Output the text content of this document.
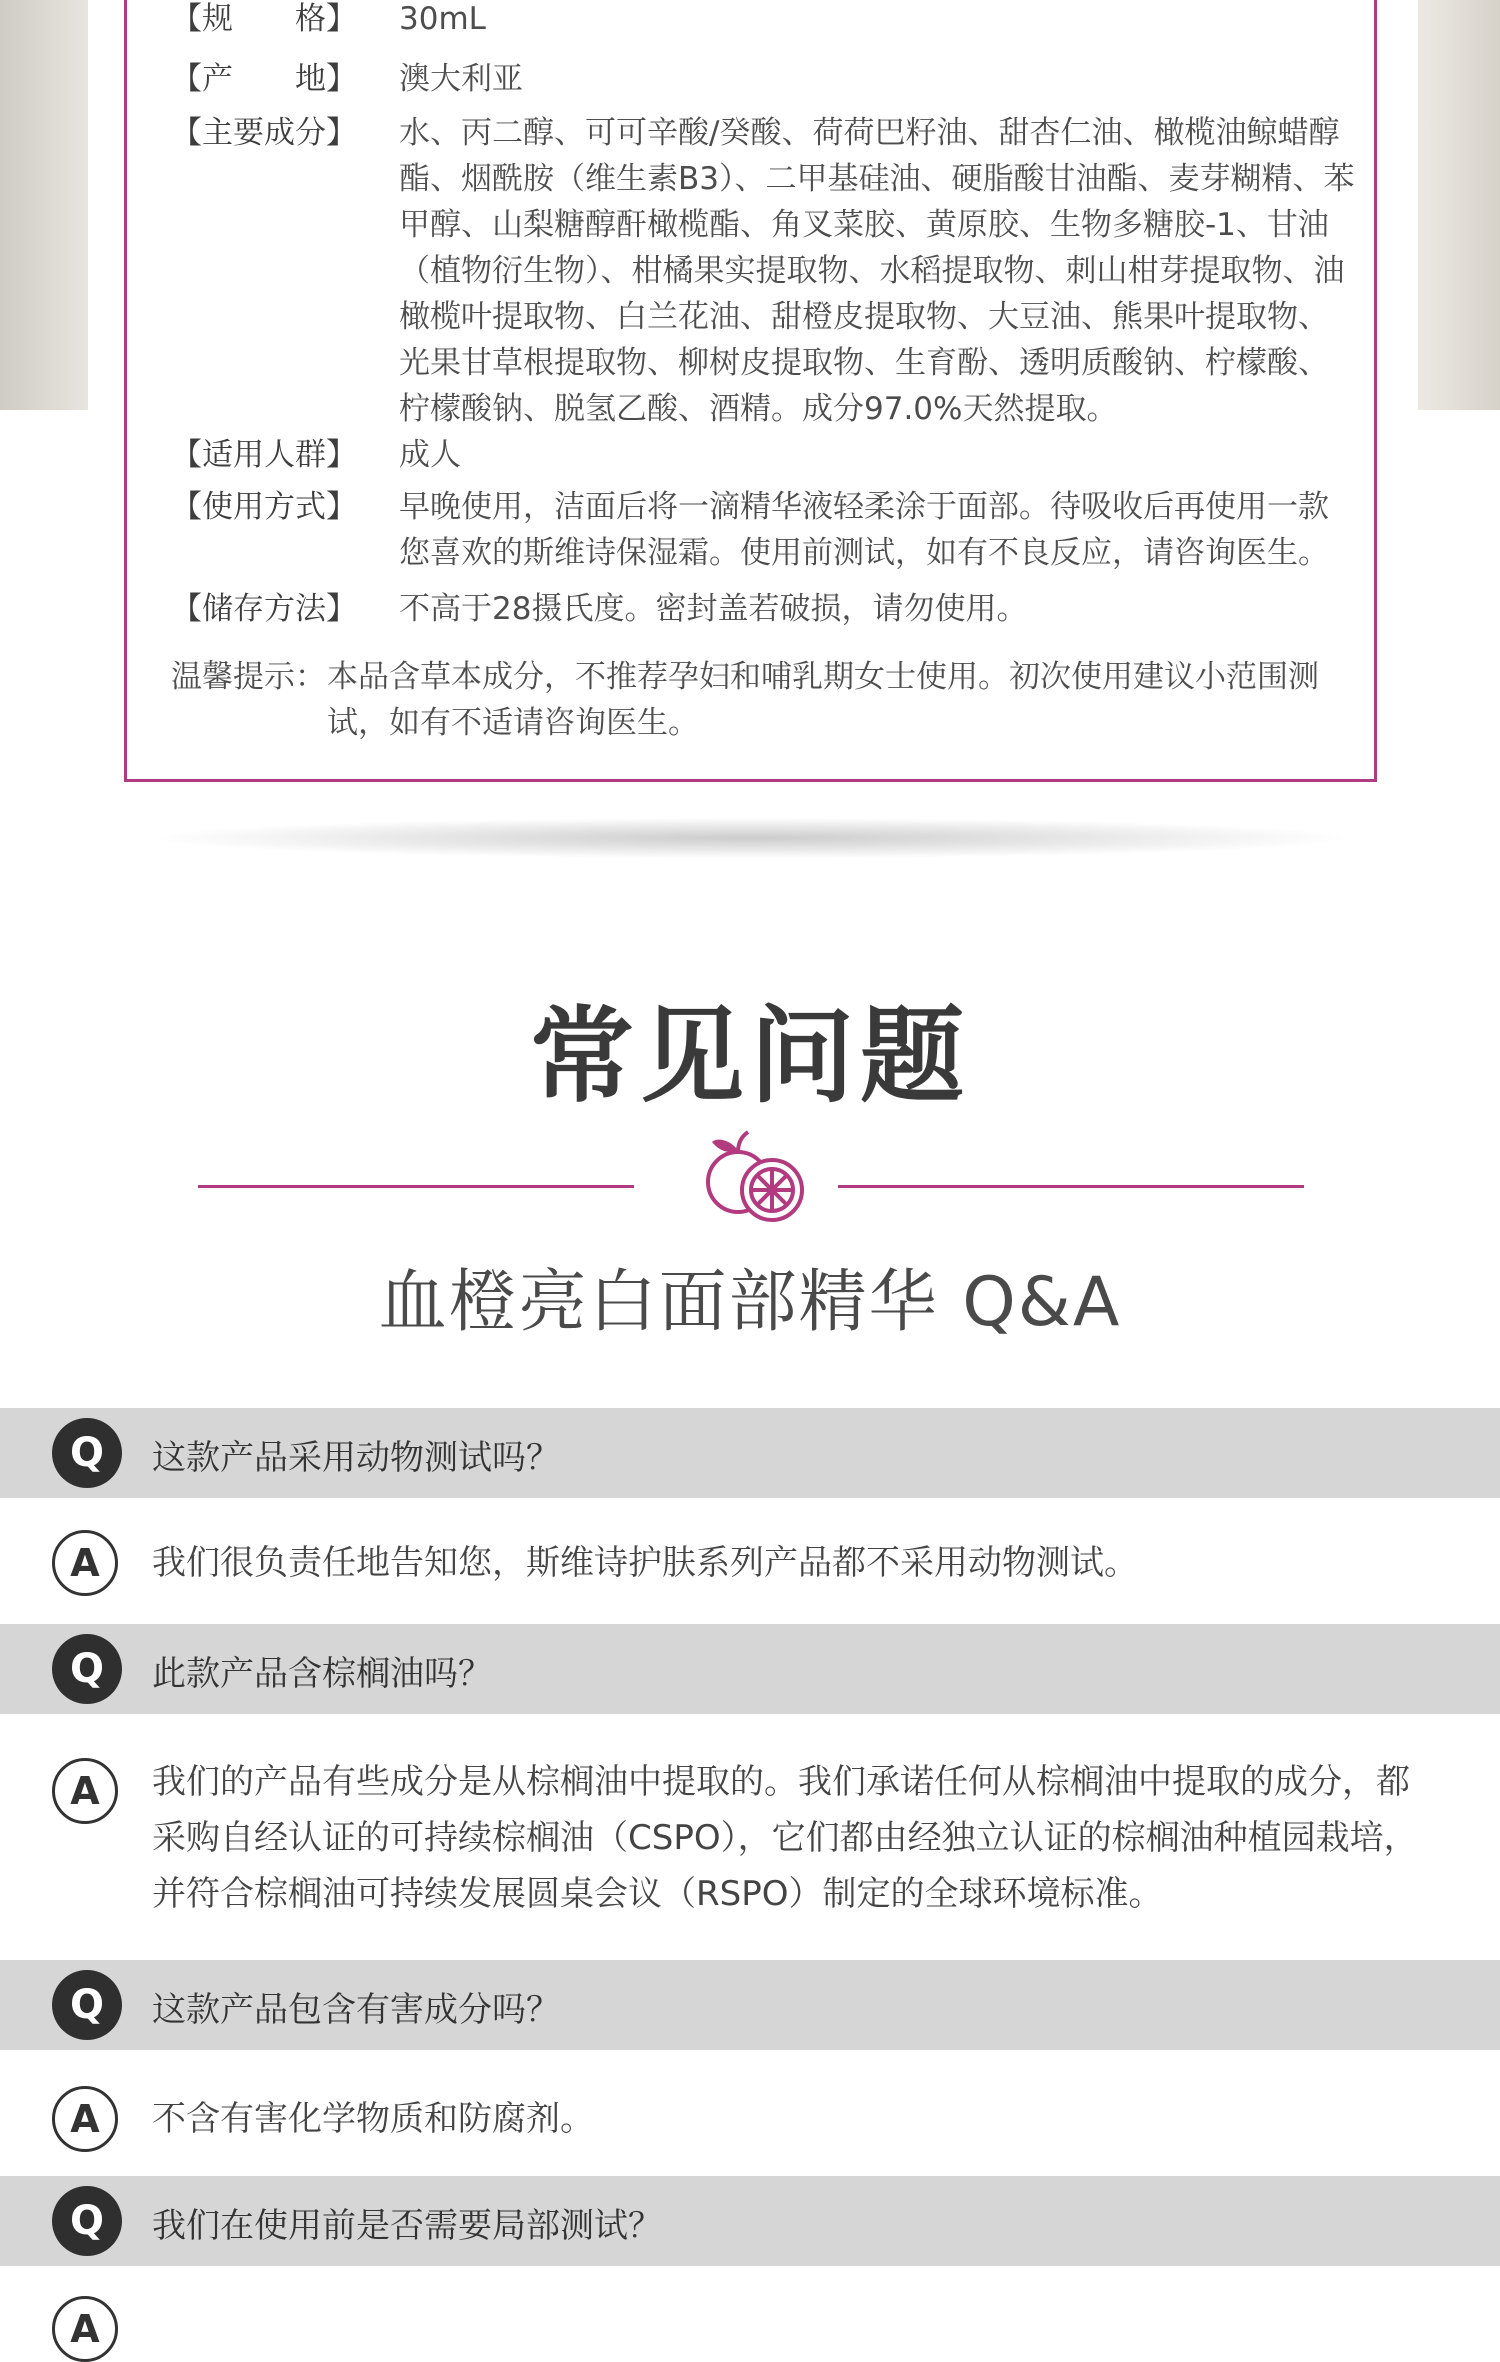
【规　　格】 30mL
【产　　地】 澳大利亚
【主要成分】 水、丙二醇、可可辛酸/癸酸、荷荷巴籽油、甜杏仁油、橄榄油鲸蜡醇酯、烟酰胺（维生素B3）、二甲基硅油、硬脂酸甘油酯、麦芽糊精、苯甲醇、山梨糖醇酐橄榄酯、角叉菜胶、黄原胶、生物多糖胶-1、甘油（植物衍生物）、柑橘果实提取物、水稻提取物、刺山柑芽提取物、油橄榄叶提取物、白兰花油、甜橙皮提取物、大豆油、熊果叶提取物、光果甘草根提取物、柳树皮提取物、生育酚、透明质酸钠、柠檬酸、柠檬酸钠、脱氢乙酸、酒精。成分97.0%天然提取。
【适用人群】 成人
【使用方式】 早晚使用，洁面后将一滴精华液轻柔涂于面部。待吸收后再使用一款您喜欢的斯维诗保湿霜。使用前测试，如有不良反应，请咨询医生。
【储存方法】 不高于28摄氏度。密封盖若破损，请勿使用。
温馨提示： 本品含草本成分，不推荐孕妇和哺乳期女士使用。初次使用建议小范围测试，如有不适请咨询医生。
常见问题
血橙亮白面部精华 Q&A
Q	这款产品采用动物测试吗？
A	我们很负责任地告知您，斯维诗护肤系列产品都不采用动物测试。
Q	此款产品含棕榈油吗？
A	我们的产品有些成分是从棕榈油中提取的。我们承诺任何从棕榈油中提取的成分，都采购自经认证的可持续棕榈油（CSPO），它们都由经独立认证的棕榈油种植园栽培，并符合棕榈油可持续发展圆桌会议（RSPO）制定的全球环境标准。
Q	这款产品包含有害成分吗？
A	不含有害化学物质和防腐剂。
Q	我们在使用前是否需要局部测试？
A
